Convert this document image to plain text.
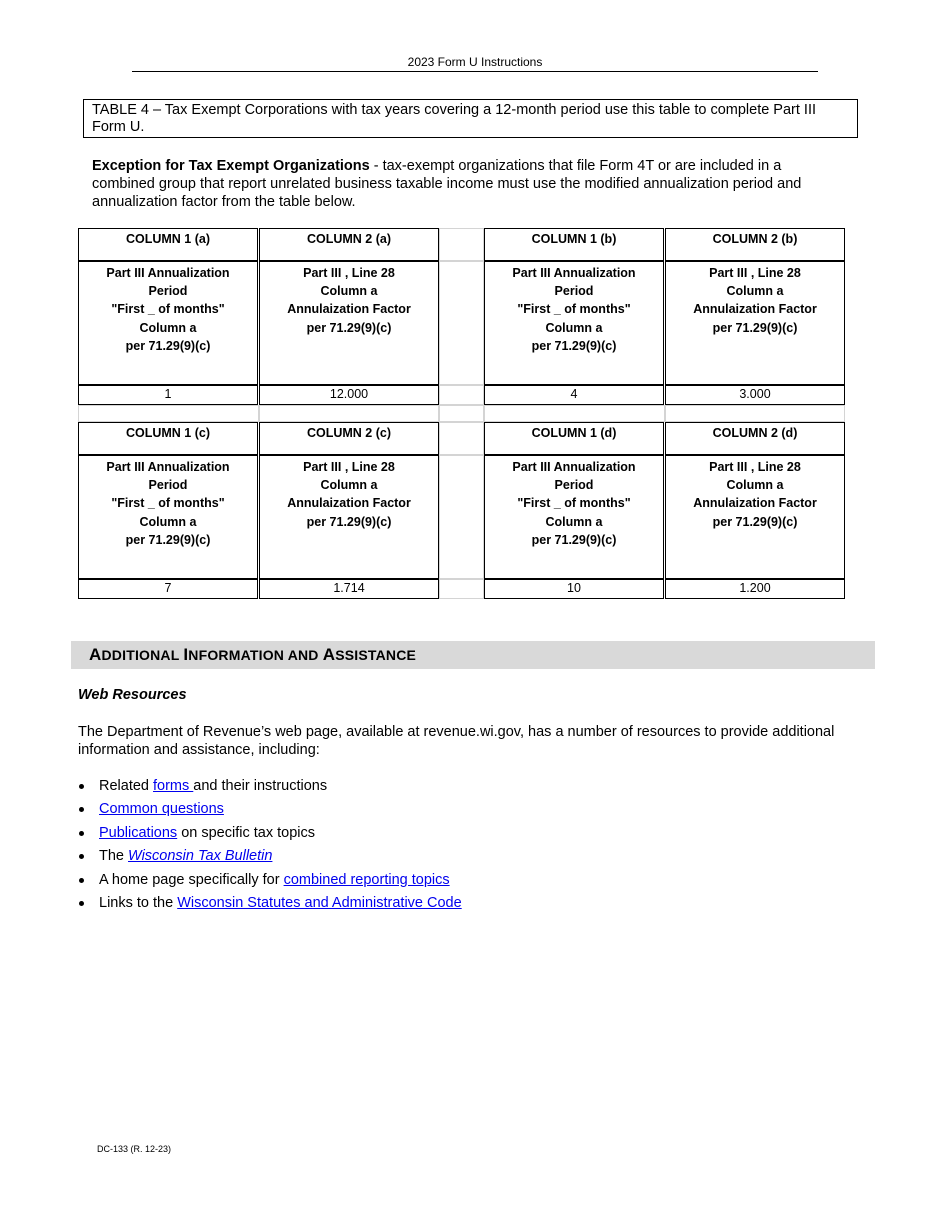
2023 Form U Instructions
TABLE 4 – Tax Exempt Corporations with tax years covering a 12-month period use this table to complete Part III Form U.
Exception for Tax Exempt Organizations - tax-exempt organizations that file Form 4T or are included in a combined group that report unrelated business taxable income must use the modified annualization period and annualization factor from the table below.
COLUMN 1 (a)	COLUMN 2 (a)
Part III Annualization
Period
"First _ of months"
Column a
per 71.29(9)(c)
Part III , Line 28
Column a
Annulaization Factor
per 71.29(9)(c)
1	12.000
COLUMN 1 (b)	COLUMN 2 (b)
Part III Annualization
Period
"First _ of months"
Column a
per 71.29(9)(c)
Part III , Line 28
Column a
Annulaization Factor
per 71.29(9)(c)
4	3.000
COLUMN 1 (c)	COLUMN 2 (c)
Part III Annualization
Period
"First _ of months"
Column a
per 71.29(9)(c)
Part III , Line 28
Column a
Annulaization Factor
per 71.29(9)(c)
7	1.714
COLUMN 1 (d)	COLUMN 2 (d)
Part III Annualization
Period
"First _ of months"
Column a
per 71.29(9)(c)
Part III , Line 28
Column a
Annulaization Factor
per 71.29(9)(c)
10	1.200
ADDITIONAL INFORMATION AND ASSISTANCE
Web Resources
The Department of Revenue’s web page, available at revenue.wi.gov, has a number of resources to provide additional information and assistance, including:
Related forms and their instructions
Common questions
Publications on specific tax topics
The Wisconsin Tax Bulletin
A home page specifically for combined reporting topics
Links to the Wisconsin Statutes and Administrative Code
DC-133 (R. 12-23)
